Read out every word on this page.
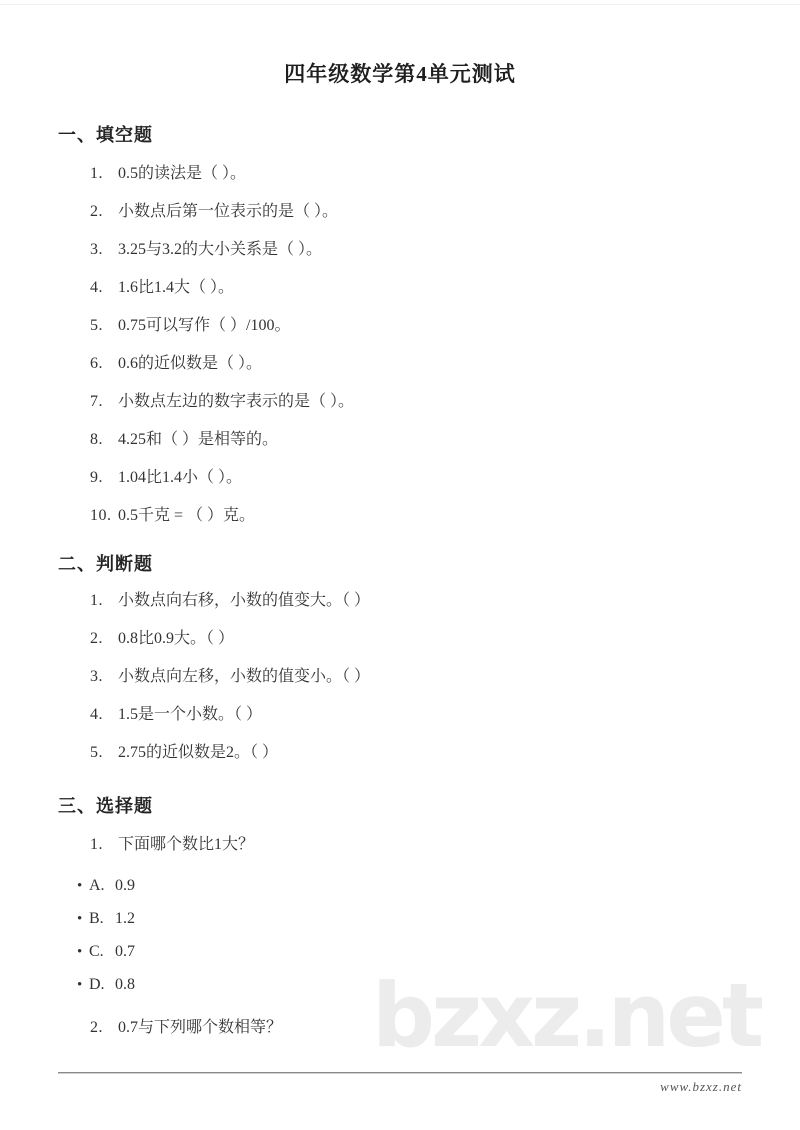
bzxz.net
四年级数学第4单元测试
一、填空题
1. 0.5的读法是（ ）。
2. 小数点后第一位表示的是（ ）。
3. 3.25与3.2的大小关系是（ ）。
4. 1.6比1.4大（ ）。
5. 0.75可以写作（ ）/100。
6. 0.6的近似数是（ ）。
7. 小数点左边的数字表示的是（ ）。
8. 4.25和（ ）是相等的。
9. 1.04比1.4小（ ）。
10. 0.5千克 = （ ）克。
二、判断题
1. 小数点向右移，小数的值变大。（ ）
2. 0.8比0.9大。（ ）
3. 小数点向左移，小数的值变小。（ ）
4. 1.5是一个小数。（ ）
5. 2.75的近似数是2。（ ）
三、选择题

1. 下面哪个数比1大？

• A. 0.9
• B. 1.2
• C. 0.7
• D. 0.8

2. 0.7与下列哪个数相等？

www.bzxz.net
